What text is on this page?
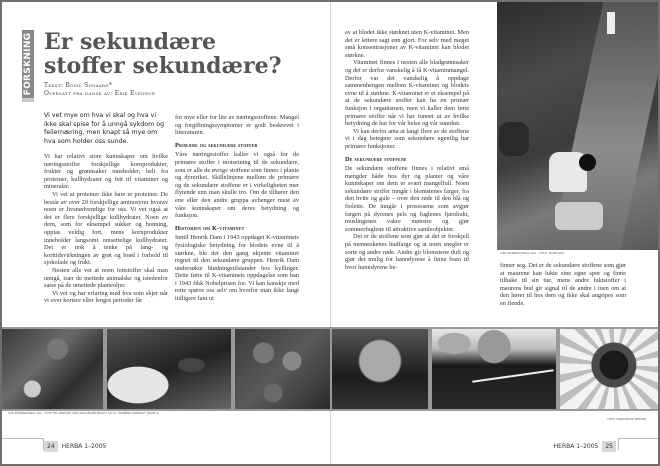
FORSKNING Er sekundære
stoffer sekundære?
Tekst: Bodil Søgaard*
Oversatt fra dansk av: Erik Evenrud
Vi vet mye om hva vi skal og hva vi ikke skal spise for å unngå sykdom og feilernæring, men knapt så mye om hva som holder oss sunde.

Vi har relativt store kunnskaper om hvilke næringsstoffer forskjellige kornprodukter, frukter og grønnsaker inneholder, helt fra proteiner, kullhydrater og fett til vitaminer og mineraler.

Vi vet at proteiner ikke bare er proteiner. De består av over 20 forskjellige aminosyrer hvorav noen er livsnødvendige for oss. Vi vet også at det er flere forskjellige kullhydrater. Noen av dem, som for eksempel sukker og honning, opptas veldig fort, mens kornprodukter inneholder langsomt omsettelige kullhydrater. Det er nok å tenke på lang- og korttidsvirkningen av grøt og brød i forhold til sjokolade og frukt.

Nesten alle vet at noen fettstoffer skal man unngå, især de mettede animalske og istedenfor satse på de umettede planteoljer.

Vi vet og har erfaring med hva som skjer når vi over kortere eller lengre perioder får

for mye eller for lite av næringsstoffene. Mangel og forgiftningssymptomer er godt beskrevet i litteraturen.

Primære og sekundære stoffer

Våre næringsstoffer kaller vi også for de primære stoffer i motsetning til de sekundære, som er alle de øvrige stoffene som finnes i plante og dyreriket. Skillelinjene mellom de primære og de sekundære stoffene er i virkeligheten mer flytende enn man skulle tro. Om de tilhører den ene eller den andre gruppa avhenger mest av våre kunnskaper om deres betydning og funksjon.

Historien om K-vitaminet

Inntil Henrik Dam i 1943 oppdaget K-vitaminets fysiologiske betydning for blodets evne til å størkne, ble det den gang ukjente vitaminet regnet til den sekundære gruppen. Henrik Dam undersøkte blødningstilstander hos kyllinger. Dette førte til K-vitaminets oppdagelse som han i 1943 fikk Nobelprisen for. Vi kan kanskje med rette spørre oss selv om hvorfor man ikke langt tidligere fant ut

av at blodet ikke størknet uten K-vitaminet. Men det er lettere sagt enn gjort. For selv med meget små konsentrasjoner av K-vitaminet kan blodet størkne.

Vitaminet finnes i nesten alle bladgrønnsaker og det er derfor vanskelig å få K-vitaminmangel. Derfor var det vanskelig å oppdage sammenhengen mellom K-vitaminet og blodets evne til å størkne. K-vitaminet er et eksempel på at de sekundære stoffer kan ha en primær funksjon i organismen, men vi kaller dem først primære stoffer når vi har funnet ut av hvilke betydning de har for vår helse og vår sunnhet.

Vi kan derfor anta at langt flere av de stoffene vi i dag betegner som sekundære egentlig har primære funksjoner.

De sekundære stoffene

De sekundære stoffene finnes i relativt små mengder både hos dyr og planter og våre kunnskaper om dem er svært mangelfull. Noen sekundære stoffer inngår i blomstenes farger, fra den hvite og gule – over den røde til den blå og fiolette. De inngår i prosessene som avgjør fargen på dyrenes pels og fuglenes fjærdrakt, muslingenes vakre mønstre og gjør sommerfuglene til attraktive samleobjekter.

Det er de stoffene som gjør at det er forskjell på menneskenes hudfarge og at noen snegler er sorte og andre røde. Andre gir blomstene duft og gjør det mulig for hanndyrene å finne fram til hvor hunndyrene be-

IVAR INTERNATIONAL AGA – FOTO: HANE KJOS

finner seg. Det er de sekundære stoffene som gjør at maurene kan lukte sine egne spor og finne tilbake til sin tue, mens andre luktstoffer i maurens bud gir signal til de andre i tuen om at den hører til hos dem og ikke skal angripes som en fiende.

IVAR INTERNATIONAL AGA – FOTO FRA VENSTRE: RON GELDAMANN (BILDE 1 OG 3), "NORBERT GONDOLF" (BILDE 2)
FOTO: FRANCISCALE SEIFGEN
24	HERBA 1–2005	HERBA 1–2005	25
